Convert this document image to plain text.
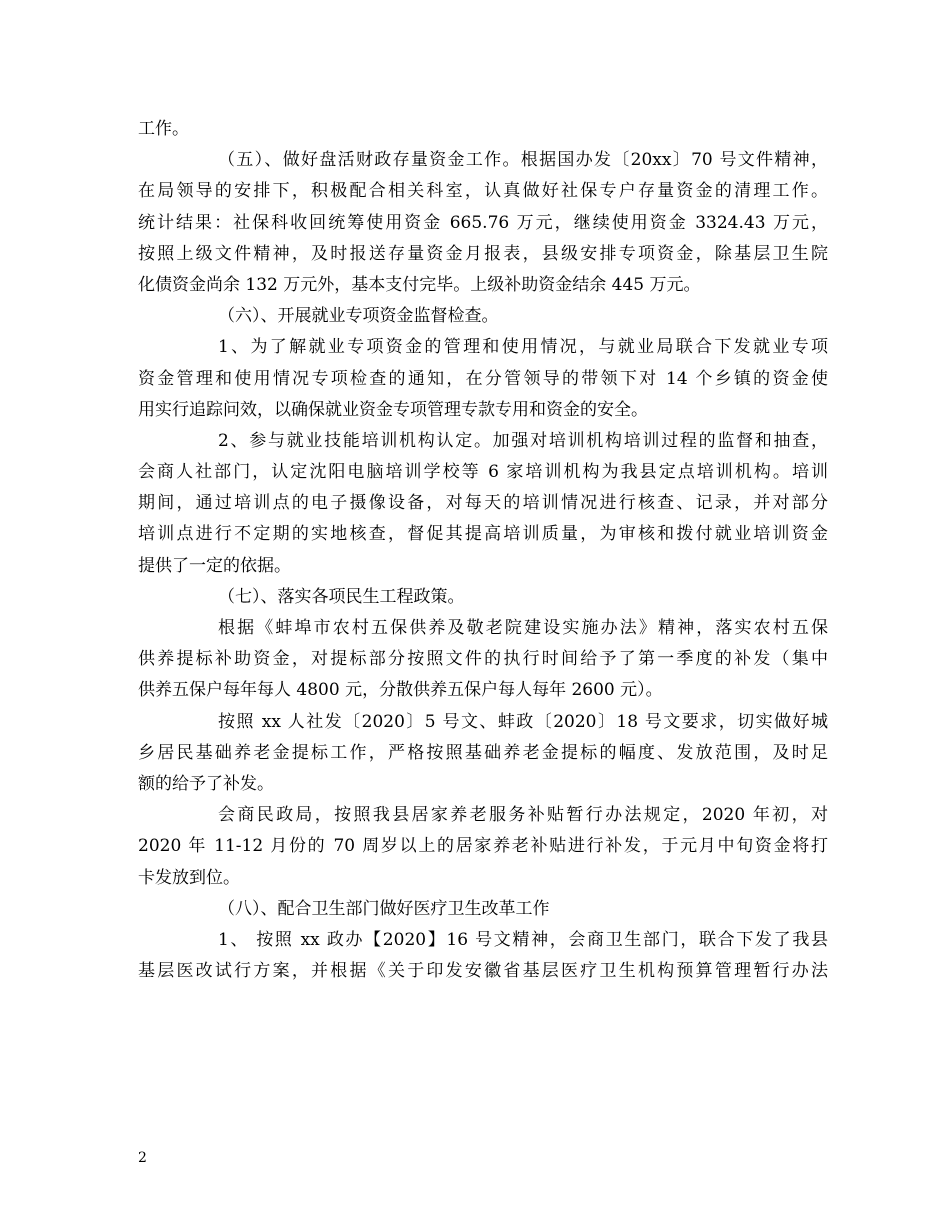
工作。
（五）、做好盘活财政存量资金工作。根据国办发〔20xx〕70 号文件精神，
在局领导的安排下，积极配合相关科室，认真做好社保专户存量资金的清理工作。
统计结果：社保科收回统筹使用资金 665.76 万元，继续使用资金 3324.43 万元，
按照上级文件精神，及时报送存量资金月报表，县级安排专项资金，除基层卫生院
化债资金尚余 132 万元外，基本支付完毕。上级补助资金结余 445 万元。
（六）、开展就业专项资金监督检查。
1、为了解就业专项资金的管理和使用情况，与就业局联合下发就业专项
资金管理和使用情况专项检查的通知，在分管领导的带领下对 14 个乡镇的资金使
用实行追踪问效，以确保就业资金专项管理专款专用和资金的安全。
2、参与就业技能培训机构认定。加强对培训机构培训过程的监督和抽查，
会商人社部门，认定沈阳电脑培训学校等 6 家培训机构为我县定点培训机构。培训
期间，通过培训点的电子摄像设备，对每天的培训情况进行核查、记录，并对部分
培训点进行不定期的实地核查，督促其提高培训质量，为审核和拨付就业培训资金
提供了一定的依据。
（七）、落实各项民生工程政策。
根据《蚌埠市农村五保供养及敬老院建设实施办法》精神，落实农村五保
供养提标补助资金，对提标部分按照文件的执行时间给予了第一季度的补发（集中
供养五保户每年每人 4800 元，分散供养五保户每人每年 2600 元）。
按照 xx 人社发〔2020〕5 号文、蚌政〔2020〕18 号文要求，切实做好城
乡居民基础养老金提标工作，严格按照基础养老金提标的幅度、发放范围，及时足
额的给予了补发。
会商民政局，按照我县居家养老服务补贴暂行办法规定，2020 年初，对
2020 年 11-12 月份的 70 周岁以上的居家养老补贴进行补发，于元月中旬资金将打
卡发放到位。
（八）、配合卫生部门做好医疗卫生改革工作
1、 按照 xx 政办【2020】16 号文精神，会商卫生部门，联合下发了我县
基层医改试行方案，并根据《关于印发安徽省基层医疗卫生机构预算管理暂行办法
2
